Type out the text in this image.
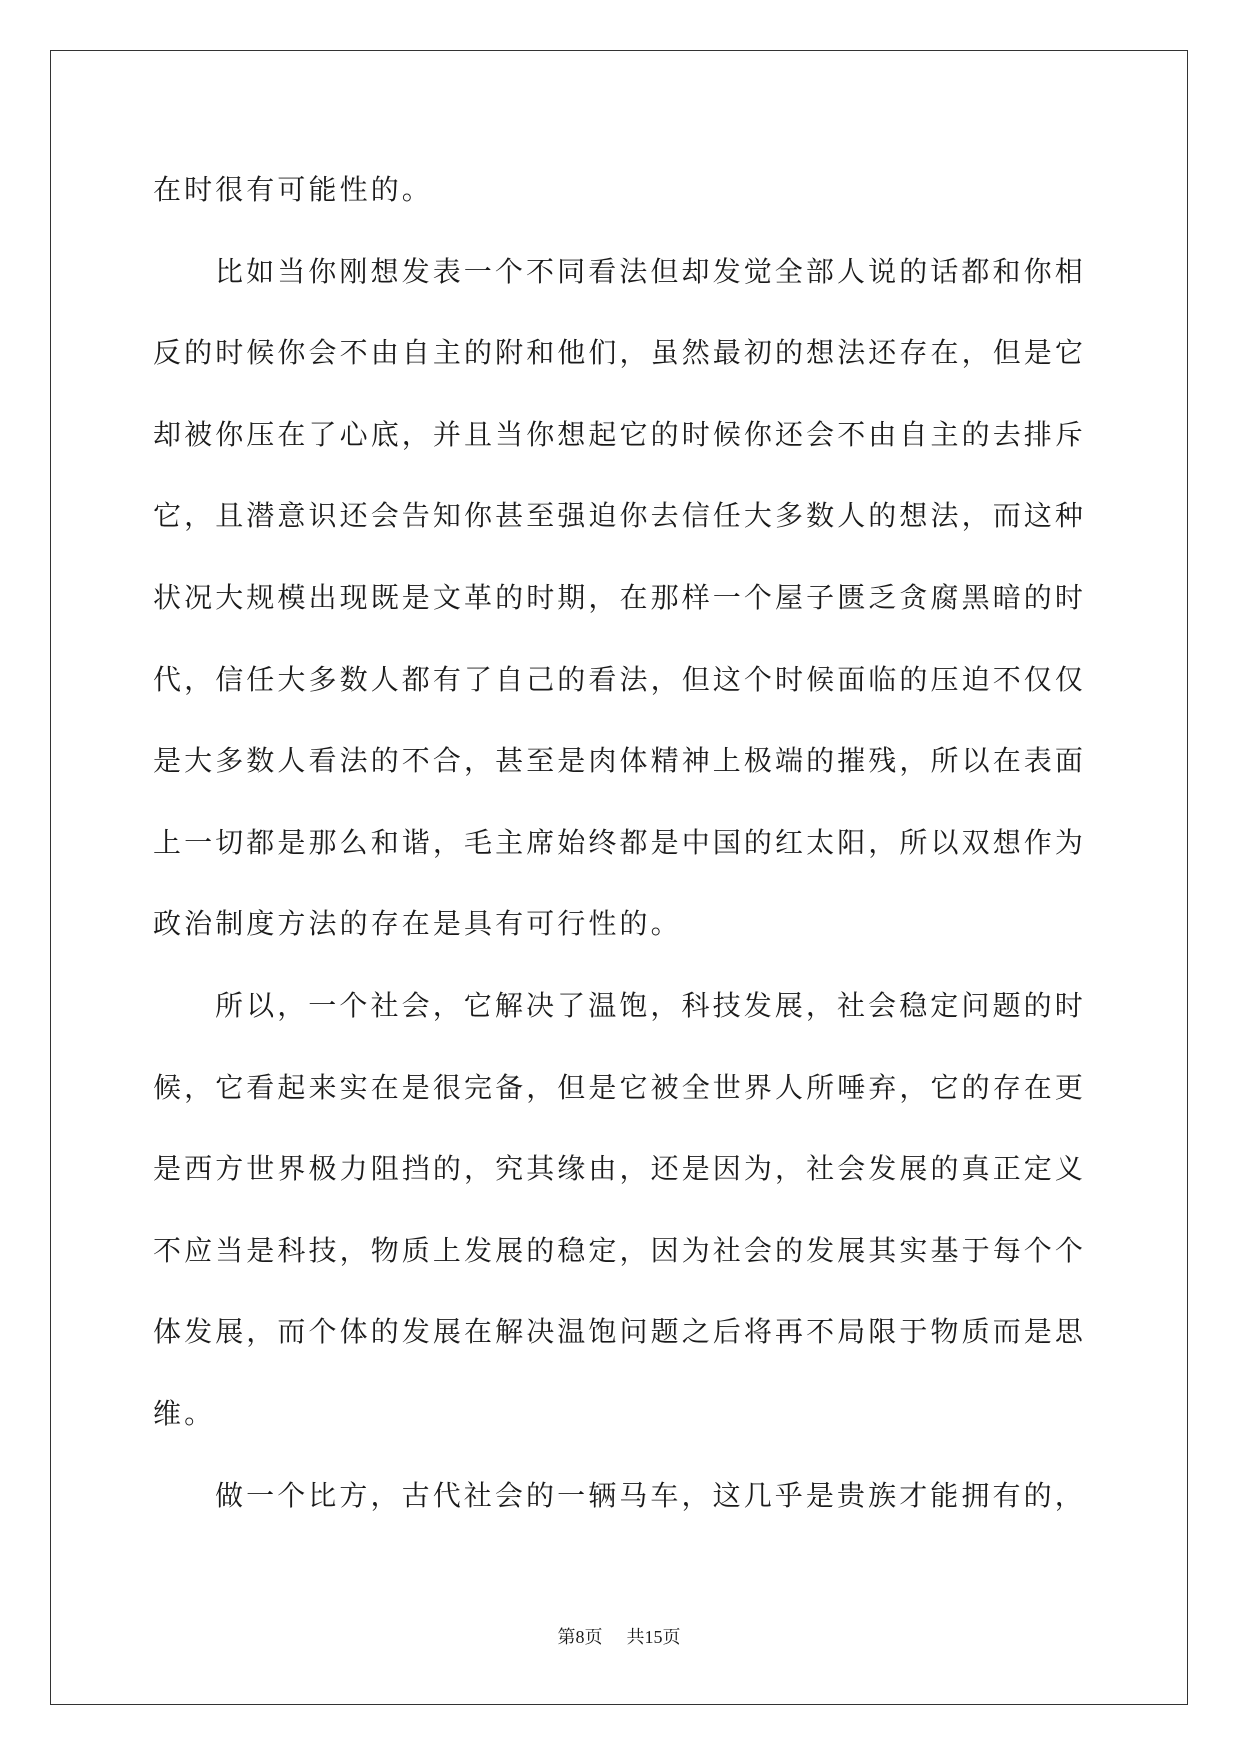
在时很有可能性的。
比如当你刚想发表一个不同看法但却发觉全部人说的话都和你相
反的时候你会不由自主的附和他们，虽然最初的想法还存在，但是它
却被你压在了心底，并且当你想起它的时候你还会不由自主的去排斥
它，且潜意识还会告知你甚至强迫你去信任大多数人的想法，而这种
状况大规模出现既是文革的时期，在那样一个屋子匮乏贪腐黑暗的时
代，信任大多数人都有了自己的看法，但这个时候面临的压迫不仅仅
是大多数人看法的不合，甚至是肉体精神上极端的摧残，所以在表面
上一切都是那么和谐，毛主席始终都是中国的红太阳，所以双想作为
政治制度方法的存在是具有可行性的。
所以，一个社会，它解决了温饱，科技发展，社会稳定问题的时
候，它看起来实在是很完备，但是它被全世界人所唾弃，它的存在更
是西方世界极力阻挡的，究其缘由，还是因为，社会发展的真正定义
不应当是科技，物质上发展的稳定，因为社会的发展其实基于每个个
体发展，而个体的发展在解决温饱问题之后将再不局限于物质而是思
维。
做一个比方，古代社会的一辆马车，这几乎是贵族才能拥有的，
第8页 共15页
